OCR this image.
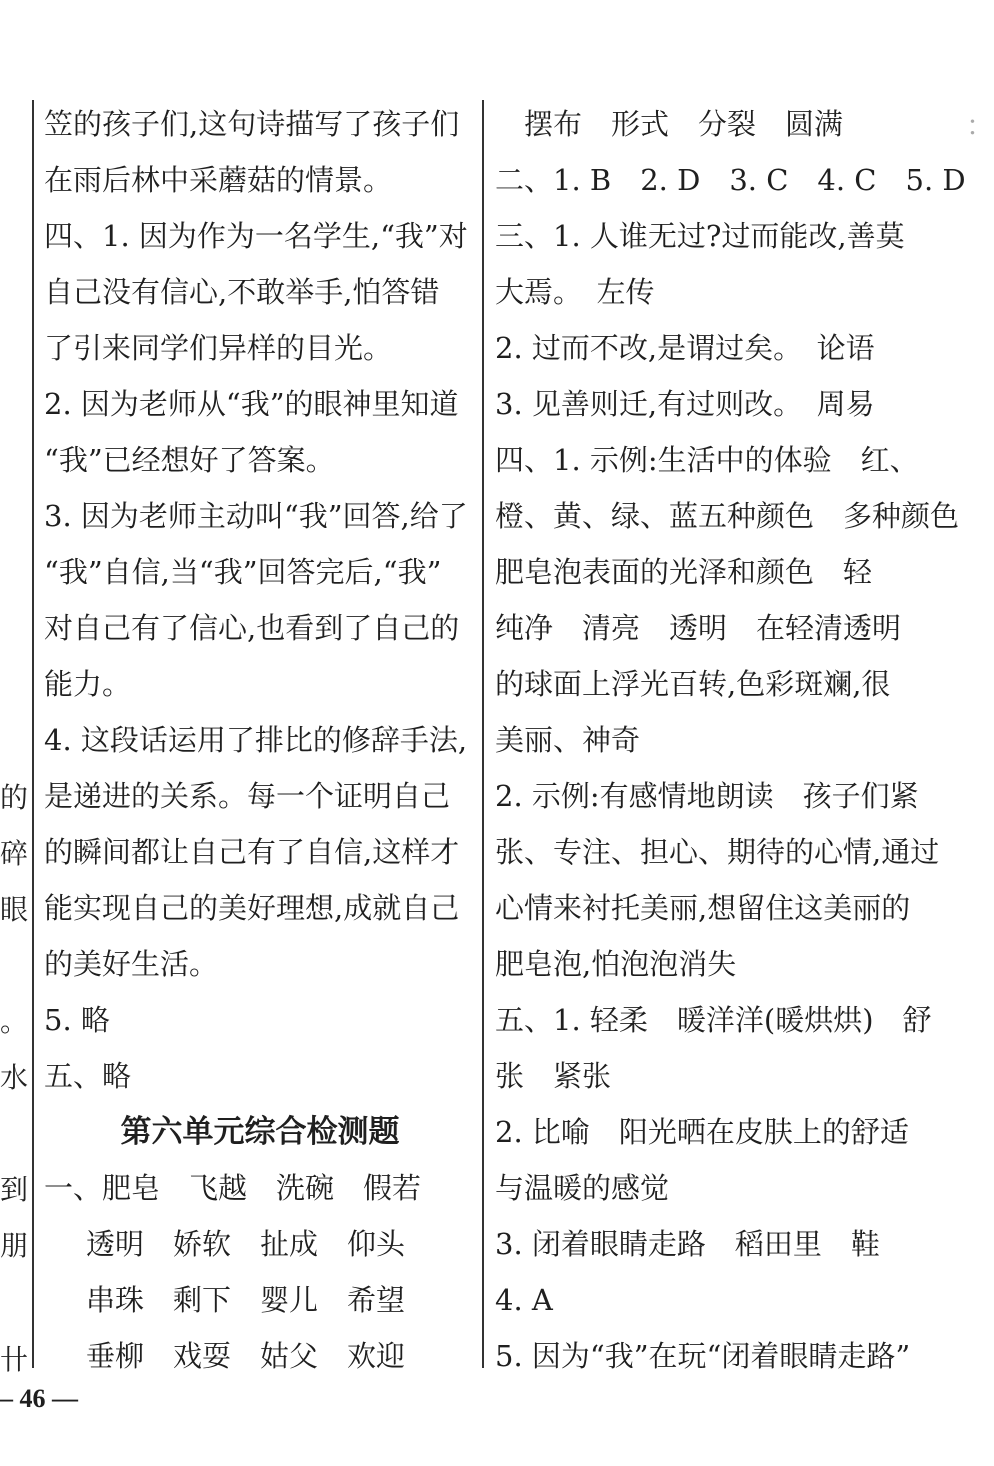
的
碎
眼
。
水
到
朋
卄
：
笠的孩子们,这句诗描写了孩子们
在雨后林中采蘑菇的情景。
四、1. 因为作为一名学生,“我”对
自己没有信心,不敢举手,怕答错
了引来同学们异样的目光。
2. 因为老师从“我”的眼神里知道
“我”已经想好了答案。
3. 因为老师主动叫“我”回答,给了
“我”自信,当“我”回答完后,“我”
对自己有了信心,也看到了自己的
能力。
4. 这段话运用了排比的修辞手法,
是递进的关系。每一个证明自己
的瞬间都让自己有了自信,这样才
能实现自己的美好理想,成就自己
的美好生活。
5. 略
五、略
第六单元综合检测题
一、肥皂　飞越　洗碗　假若
透明　娇软　扯成　仰头
串珠　剩下　婴儿　希望
垂柳　戏耍　姑父　欢迎
　摆布　形式　分裂　圆满
二、1. B　2. D　3. C　4. C　5. D
三、1. 人谁无过?过而能改,善莫
大焉。　左传
2. 过而不改,是谓过矣。　论语
3. 见善则迁,有过则改。　周易
四、1. 示例:生活中的体验　红、
橙、黄、绿、蓝五种颜色　多种颜色
肥皂泡表面的光泽和颜色　轻
纯净　清亮　透明　在轻清透明
的球面上浮光百转,色彩斑斓,很
美丽、神奇
2. 示例:有感情地朗读　孩子们紧
张、专注、担心、期待的心情,通过
心情来衬托美丽,想留住这美丽的
肥皂泡,怕泡泡消失
五、1. 轻柔　暖洋洋(暖烘烘)　舒
张　紧张
2. 比喻　阳光晒在皮肤上的舒适
与温暖的感觉
3. 闭着眼睛走路　稻田里　鞋
4. A
5. 因为“我”在玩“闭着眼睛走路”
– 46 —
